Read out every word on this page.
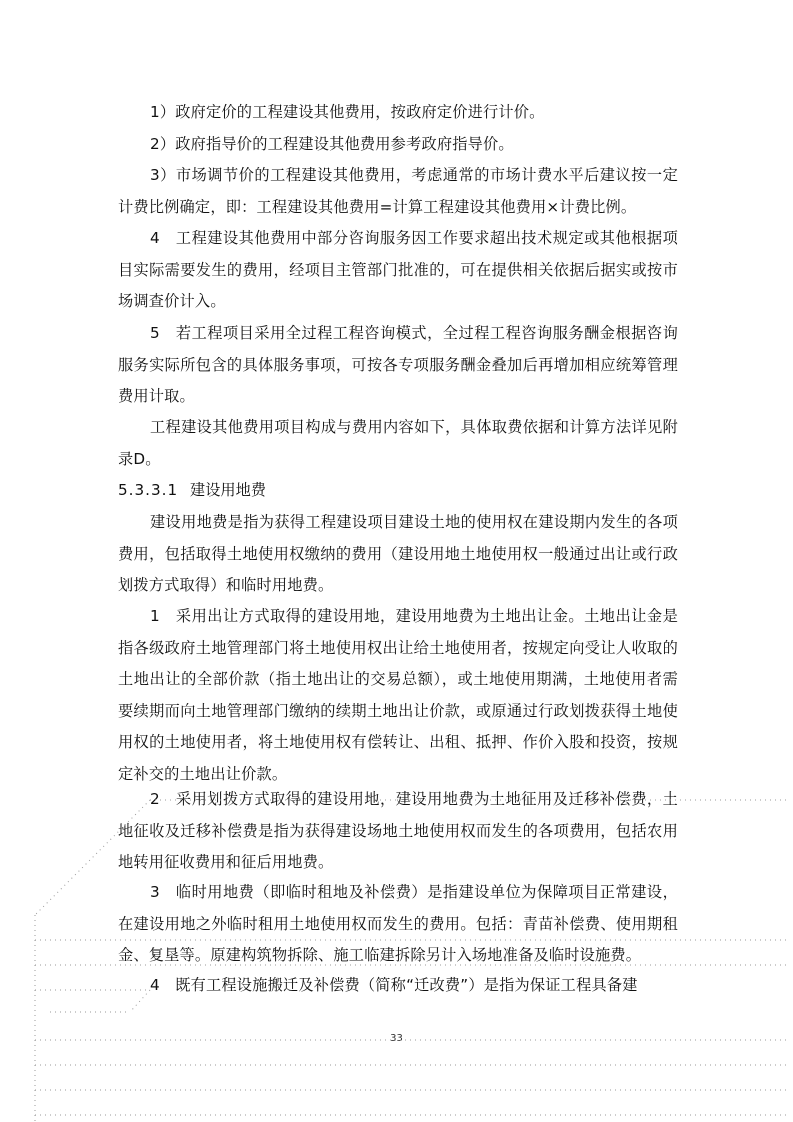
1）政府定价的工程建设其他费用，按政府定价进行计价。

2）政府指导价的工程建设其他费用参考政府指导价。

3）市场调节价的工程建设其他费用，考虑通常的市场计费水平后建议按一定计费比例确定，即：工程建设其他费用=计算工程建设其他费用×计费比例。

4　工程建设其他费用中部分咨询服务因工作要求超出技术规定或其他根据项目实际需要发生的费用，经项目主管部门批准的，可在提供相关依据后据实或按市场调查价计入。

5　若工程项目采用全过程工程咨询模式，全过程工程咨询服务酬金根据咨询服务实际所包含的具体服务事项，可按各专项服务酬金叠加后再增加相应统筹管理费用计取。

工程建设其他费用项目构成与费用内容如下，具体取费依据和计算方法详见附录D。

5.3.3.1 建设用地费

建设用地费是指为获得工程建设项目建设土地的使用权在建设期内发生的各项费用，包括取得土地使用权缴纳的费用（建设用地土地使用权一般通过出让或行政划拨方式取得）和临时用地费。

1　采用出让方式取得的建设用地，建设用地费为土地出让金。土地出让金是指各级政府土地管理部门将土地使用权出让给土地使用者，按规定向受让人收取的土地出让的全部价款（指土地出让的交易总额），或土地使用期满，土地使用者需要续期而向土地管理部门缴纳的续期土地出让价款，或原通过行政划拨获得土地使用权的土地使用者，将土地使用权有偿转让、出租、抵押、作价入股和投资，按规定补交的土地出让价款。

2　采用划拨方式取得的建设用地，建设用地费为土地征用及迁移补偿费，土地征收及迁移补偿费是指为获得建设场地土地使用权而发生的各项费用，包括农用地转用征收费用和征后用地费。

3　临时用地费（即临时租地及补偿费）是指建设单位为保障项目正常建设，在建设用地之外临时租用土地使用权而发生的费用。包括：青苗补偿费、使用期租金、复垦等。原建构筑物拆除、施工临建拆除另计入场地准备及临时设施费。

4　既有工程设施搬迁及补偿费（简称“迁改费”）是指为保证工程具备建

33
